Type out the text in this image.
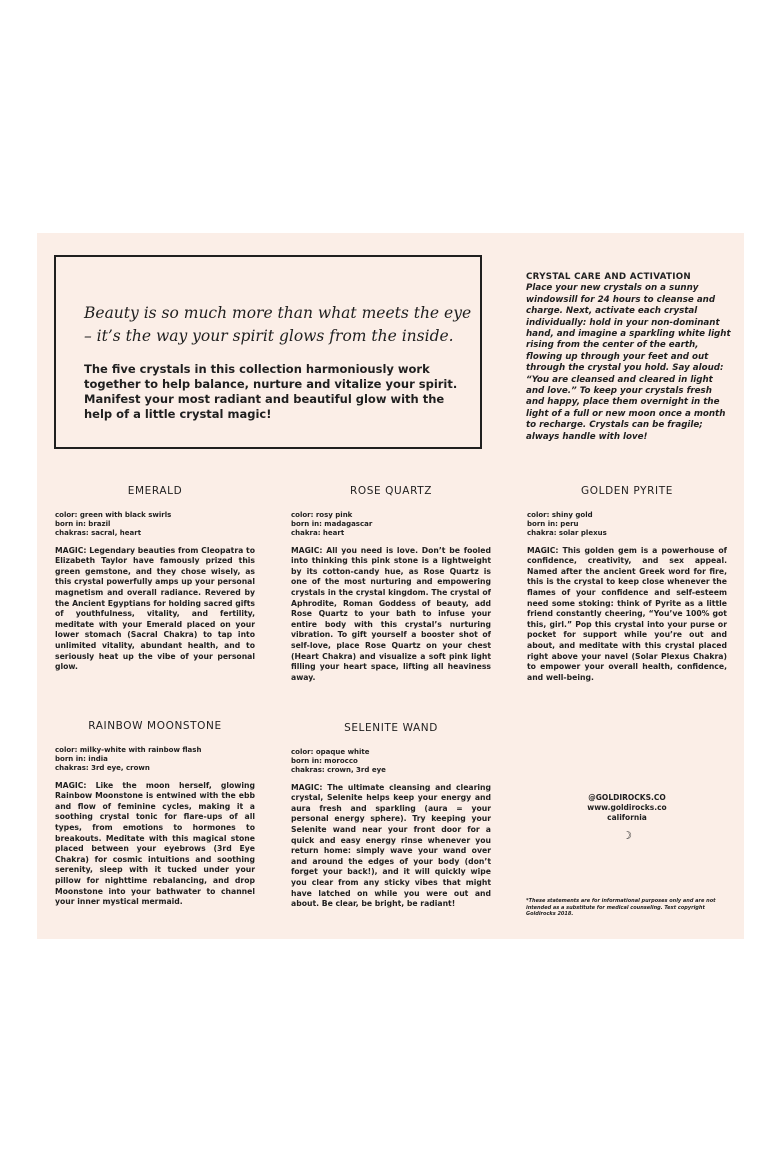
Beauty is so much more than what meets the eye – it’s the way your spirit glows from the inside.

The five crystals in this collection harmoniously work together to help balance, nurture and vitalize your spirit. Manifest your most radiant and beautiful glow with the help of a little crystal magic!

CRYSTAL CARE AND ACTIVATION

Place your new crystals on a sunny windowsill for 24 hours to cleanse and charge. Next, activate each crystal individually: hold in your non-dominant hand, and imagine a sparkling white light rising from the center of the earth, flowing up through your feet and out through the crystal you hold. Say aloud: “You are cleansed and cleared in light and love.” To keep your crystals fresh and happy, place them overnight in the light of a full or new moon once a month to recharge. Crystals can be fragile; always handle with love!

EMERALD
color: green with black swirls
born in: brazil
chakras: sacral, heart

MAGIC: Legendary beauties from Cleopatra to Elizabeth Taylor have famously prized this green gemstone, and they chose wisely, as this crystal powerfully amps up your personal magnetism and overall radiance. Revered by the Ancient Egyptians for holding sacred gifts of youthfulness, vitality, and fertility, meditate with your Emerald placed on your lower stomach (Sacral Chakra) to tap into unlimited vitality, abundant health, and to seriously heat up the vibe of your personal glow.

ROSE QUARTZ
color: rosy pink
born in: madagascar
chakra: heart

MAGIC: All you need is love. Don’t be fooled into thinking this pink stone is a lightweight by its cotton-candy hue, as Rose Quartz is one of the most nurturing and empowering crystals in the crystal kingdom. The crystal of Aphrodite, Roman Goddess of beauty, add Rose Quartz to your bath to infuse your entire body with this crystal’s nurturing vibration. To gift yourself a booster shot of self-love, place Rose Quartz on your chest (Heart Chakra) and visualize a soft pink light filling your heart space, lifting all heaviness away.

GOLDEN PYRITE
color: shiny gold
born in: peru
chakra: solar plexus

MAGIC: This golden gem is a powerhouse of confidence, creativity, and sex appeal. Named after the ancient Greek word for fire, this is the crystal to keep close whenever the flames of your confidence and self-esteem need some stoking: think of Pyrite as a little friend constantly cheering, “You’ve 100% got this, girl.” Pop this crystal into your purse or pocket for support while you’re out and about, and meditate with this crystal placed right above your navel (Solar Plexus Chakra) to empower your overall health, confidence, and well-being.

RAINBOW MOONSTONE
color: milky-white with rainbow flash
born in: india
chakras: 3rd eye, crown

MAGIC: Like the moon herself, glowing Rainbow Moonstone is entwined with the ebb and flow of feminine cycles, making it a soothing crystal tonic for flare-ups of all types, from emotions to hormones to breakouts. Meditate with this magical stone placed between your eyebrows (3rd Eye Chakra) for cosmic intuitions and soothing serenity, sleep with it tucked under your pillow for nighttime rebalancing, and drop Moonstone into your bathwater to channel your inner mystical mermaid.

SELENITE WAND
color: opaque white
born in: morocco
chakras: crown, 3rd eye

MAGIC: The ultimate cleansing and clearing crystal, Selenite helps keep your energy and aura fresh and sparkling (aura = your personal energy sphere). Try keeping your Selenite wand near your front door for a quick and easy energy rinse whenever you return home: simply wave your wand over and around the edges of your body (don’t forget your back!), and it will quickly wipe you clear from any sticky vibes that might have latched on while you were out and about. Be clear, be bright, be radiant!

@GOLDIROCKS.CO
www.goldirocks.co
california
☽

*These statements are for informational purposes only and are not intended as a substitute for medical counseling. Text copyright Goldirocks 2018.
